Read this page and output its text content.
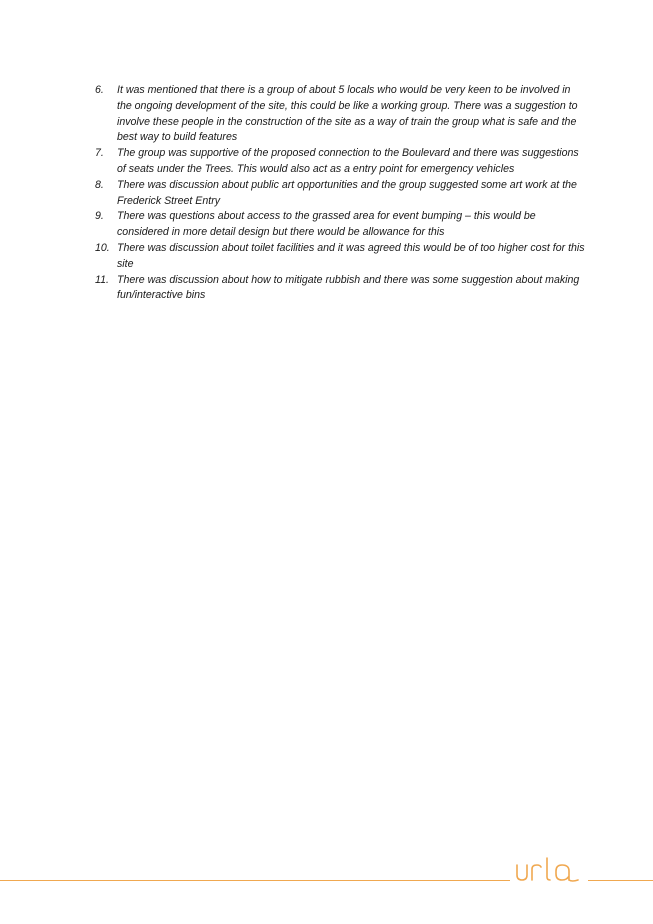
6.	It was mentioned that there is a group of about 5 locals who would be very keen to be involved in the ongoing development of the site, this could be like a working group. There was a suggestion to involve these people in the construction of the site as a way of train the group what is safe and the best way to build features
7.	The group was supportive of the proposed connection to the Boulevard and there was suggestions of seats under the Trees. This would also act as a entry point for emergency vehicles
8.	There was discussion about public art opportunities and the group suggested some art work at the Frederick Street Entry
9.	There was questions about access to the grassed area for event bumping – this would be considered in more detail design but there would be allowance for this
10. There was discussion about toilet facilities and it was agreed this would be of too higher cost for this site
11. There was discussion about how to mitigate rubbish and there was some suggestion about making fun/interactive bins
